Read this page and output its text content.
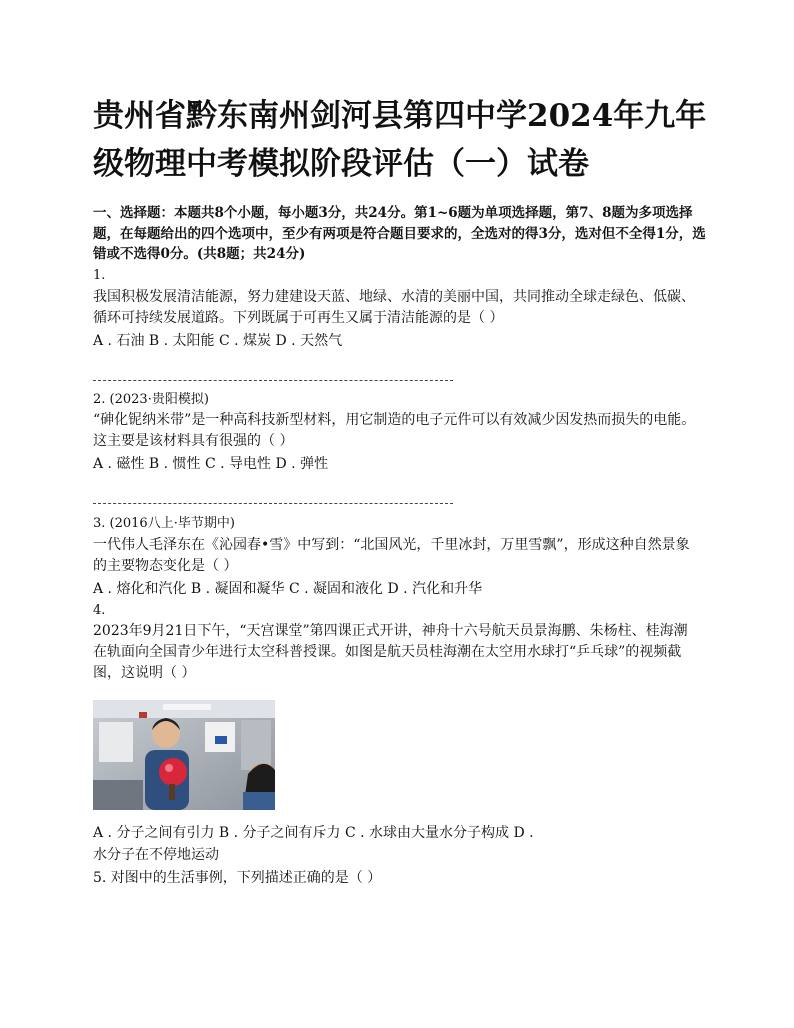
贵州省黔东南州剑河县第四中学2024年九年
级物理中考模拟阶段评估（一）试卷
一、选择题：本题共8个小题，每小题3分，共24分。第1~6题为单项选择题，第7、8题为多项选择题，在每题给出的四个选项中，至少有两项是符合题目要求的，全选对的得3分，选对但不全得1分，选错或不选得0分。(共8题；共24分)
1.
我国积极发展清洁能源，努力建建设天蓝、地绿、水清的美丽中国，共同推动全球走绿色、低碳、循环可持续发展道路。下列既属于可再生又属于清洁能源的是（ ）
A . 石油 B . 太阳能 C . 煤炭 D . 天然气
2. (2023·贵阳模拟)
“砷化铌纳米带”是一种高科技新型材料，用它制造的电子元件可以有效减少因发热而损失的电能。这主要是该材料具有很强的（ ）
A . 磁性 B . 惯性 C . 导电性 D . 弹性
3. (2016八上·毕节期中)
一代伟人毛泽东在《沁园春•雪》中写到：“北国风光，千里冰封，万里雪飘”，形成这种自然景象的主要物态变化是（ ）
A . 熔化和汽化 B . 凝固和凝华 C . 凝固和液化 D . 汽化和升华
4.
2023年9月21日下午，“天宫课堂”第四课正式开讲，神舟十六号航天员景海鹏、朱杨柱、桂海潮在轨面向全国青少年进行太空科普授课。如图是航天员桂海潮在太空用水球打“乒乓球”的视频截图，这说明（ ）
A . 分子之间有引力 B . 分子之间有斥力 C . 水球由大量水分子构成 D .
水分子在不停地运动
5. 对图中的生活事例，下列描述正确的是（ ）
